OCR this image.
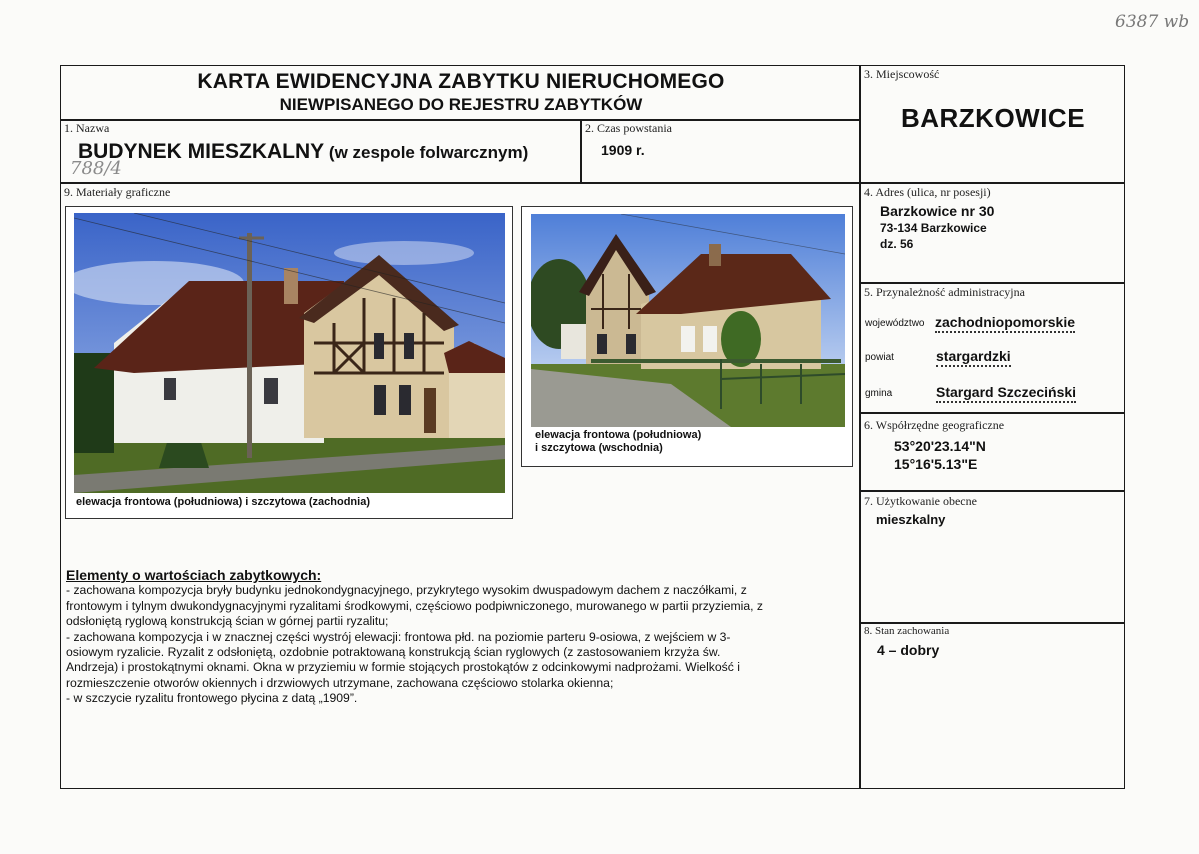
6387 wb
KARTA EWIDENCYJNA ZABYTKU NIERUCHOMEGO
NIEWPISANEGO DO REJESTRU ZABYTKÓW
1. Nazwa
BUDYNEK MIESZKALNY (w zespole folwarcznym)
788/4
2. Czas powstania
1909 r.
3. Miejscowość
BARZKOWICE
4. Adres (ulica, nr posesji)
Barzkowice nr 30
73-134 Barzkowice
dz. 56
5. Przynależność administracyjna
województwo zachodniopomorskie
powiat	stargardzki
gmina	Stargard Szczeciński
6. Współrzędne geograficzne
53°20'23.14"N
15°16'5.13"E
7. Użytkowanie obecne
mieszkalny
8. Stan zachowania
4 – dobry
9. Materiały graficzne
elewacja frontowa (południowa) i szczytowa (zachodnia)
elewacja frontowa (południowa)
i szczytowa (wschodnia)
Elementy o wartościach zabytkowych:
- zachowana kompozycja bryły budynku jednokondygnacyjnego, przykrytego wysokim dwuspadowym dachem z naczółkami, z
frontowym i tylnym dwukondygnacyjnymi ryzalitami środkowymi, częściowo podpiwniczonego, murowanego w partii przyziemia, z
odsłoniętą ryglową konstrukcją ścian w górnej partii ryzalitu;
- zachowana kompozycja i w znacznej części wystrój elewacji: frontowa płd. na poziomie parteru 9-osiowa, z wejściem w 3-
osiowym ryzalicie. Ryzalit z odsłoniętą, ozdobnie potraktowaną konstrukcją ścian ryglowych (z zastosowaniem krzyża św.
Andrzeja) i prostokątnymi oknami. Okna w przyziemiu w formie stojących prostokątów z odcinkowymi nadprożami. Wielkość i
rozmieszczenie otworów okiennych i drzwiowych utrzymane, zachowana częściowo stolarka okienna;
- w szczycie ryzalitu frontowego płycina z datą „1909”.
